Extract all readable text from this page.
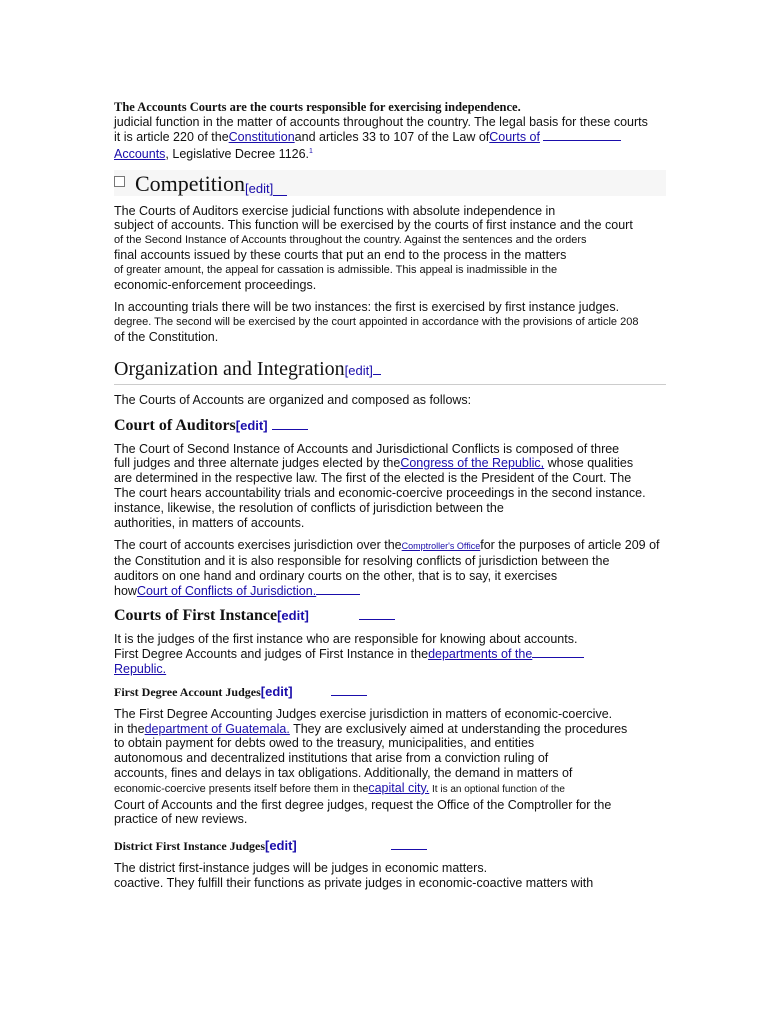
The Accounts Courts are the courts responsible for exercising independence.
judicial function in the matter of accounts throughout the country. The legal basis for these courts
it is article 220 of theConstitutionand articles 33 to 107 of the Law ofCourts of
Accounts, Legislative Decree 1126.$^1$
Competition [edit]
The Courts of Auditors exercise judicial functions with absolute independence in
subject of accounts. This function will be exercised by the courts of first instance and the court
of the Second Instance of Accounts throughout the country. Against the sentences and the orders
final accounts issued by these courts that put an end to the process in the matters
of greater amount, the appeal for cassation is admissible. This appeal is inadmissible in the
economic-enforcement proceedings.
In accounting trials there will be two instances: the first is exercised by first instance judges.
degree. The second will be exercised by the court appointed in accordance with the provisions of article 208
of the Constitution.
Organization and Integration[edit]
The Courts of Accounts are organized and composed as follows:
Court of Auditors[edit]
The Court of Second Instance of Accounts and Jurisdictional Conflicts is composed of three
full judges and three alternate judges elected by theCongress of the Republic, whose qualities
are determined in the respective law. The first of the elected is the President of the Court. The
The court hears accountability trials and economic-coercive proceedings in the second instance.
instance, likewise, the resolution of conflicts of jurisdiction between the
authorities, in matters of accounts.
The court of accounts exercises jurisdiction over theComptroller's Officefor the purposes of article 209 of
the Constitution and it is also responsible for resolving conflicts of jurisdiction between the
auditors on one hand and ordinary courts on the other, that is to say, it exercises
howCourt of Conflicts of Jurisdiction.
Courts of First Instance[edit]
It is the judges of the first instance who are responsible for knowing about accounts.
First Degree Accounts and judges of First Instance in thedepartments of the
Republic.
First Degree Account Judges[edit]
The First Degree Accounting Judges exercise jurisdiction in matters of economic-coercive.
in thedepartment of Guatemala. They are exclusively aimed at understanding the procedures
to obtain payment for debts owed to the treasury, municipalities, and entities
autonomous and decentralized institutions that arise from a conviction ruling of
accounts, fines and delays in tax obligations. Additionally, the demand in matters of
economic-coercive presents itself before them in thecapital city. It is an optional function of the
Court of Accounts and the first degree judges, request the Office of the Comptroller for the
practice of new reviews.
District First Instance Judges[edit]
The district first-instance judges will be judges in economic matters.
coactive. They fulfill their functions as private judges in economic-coactive matters with
